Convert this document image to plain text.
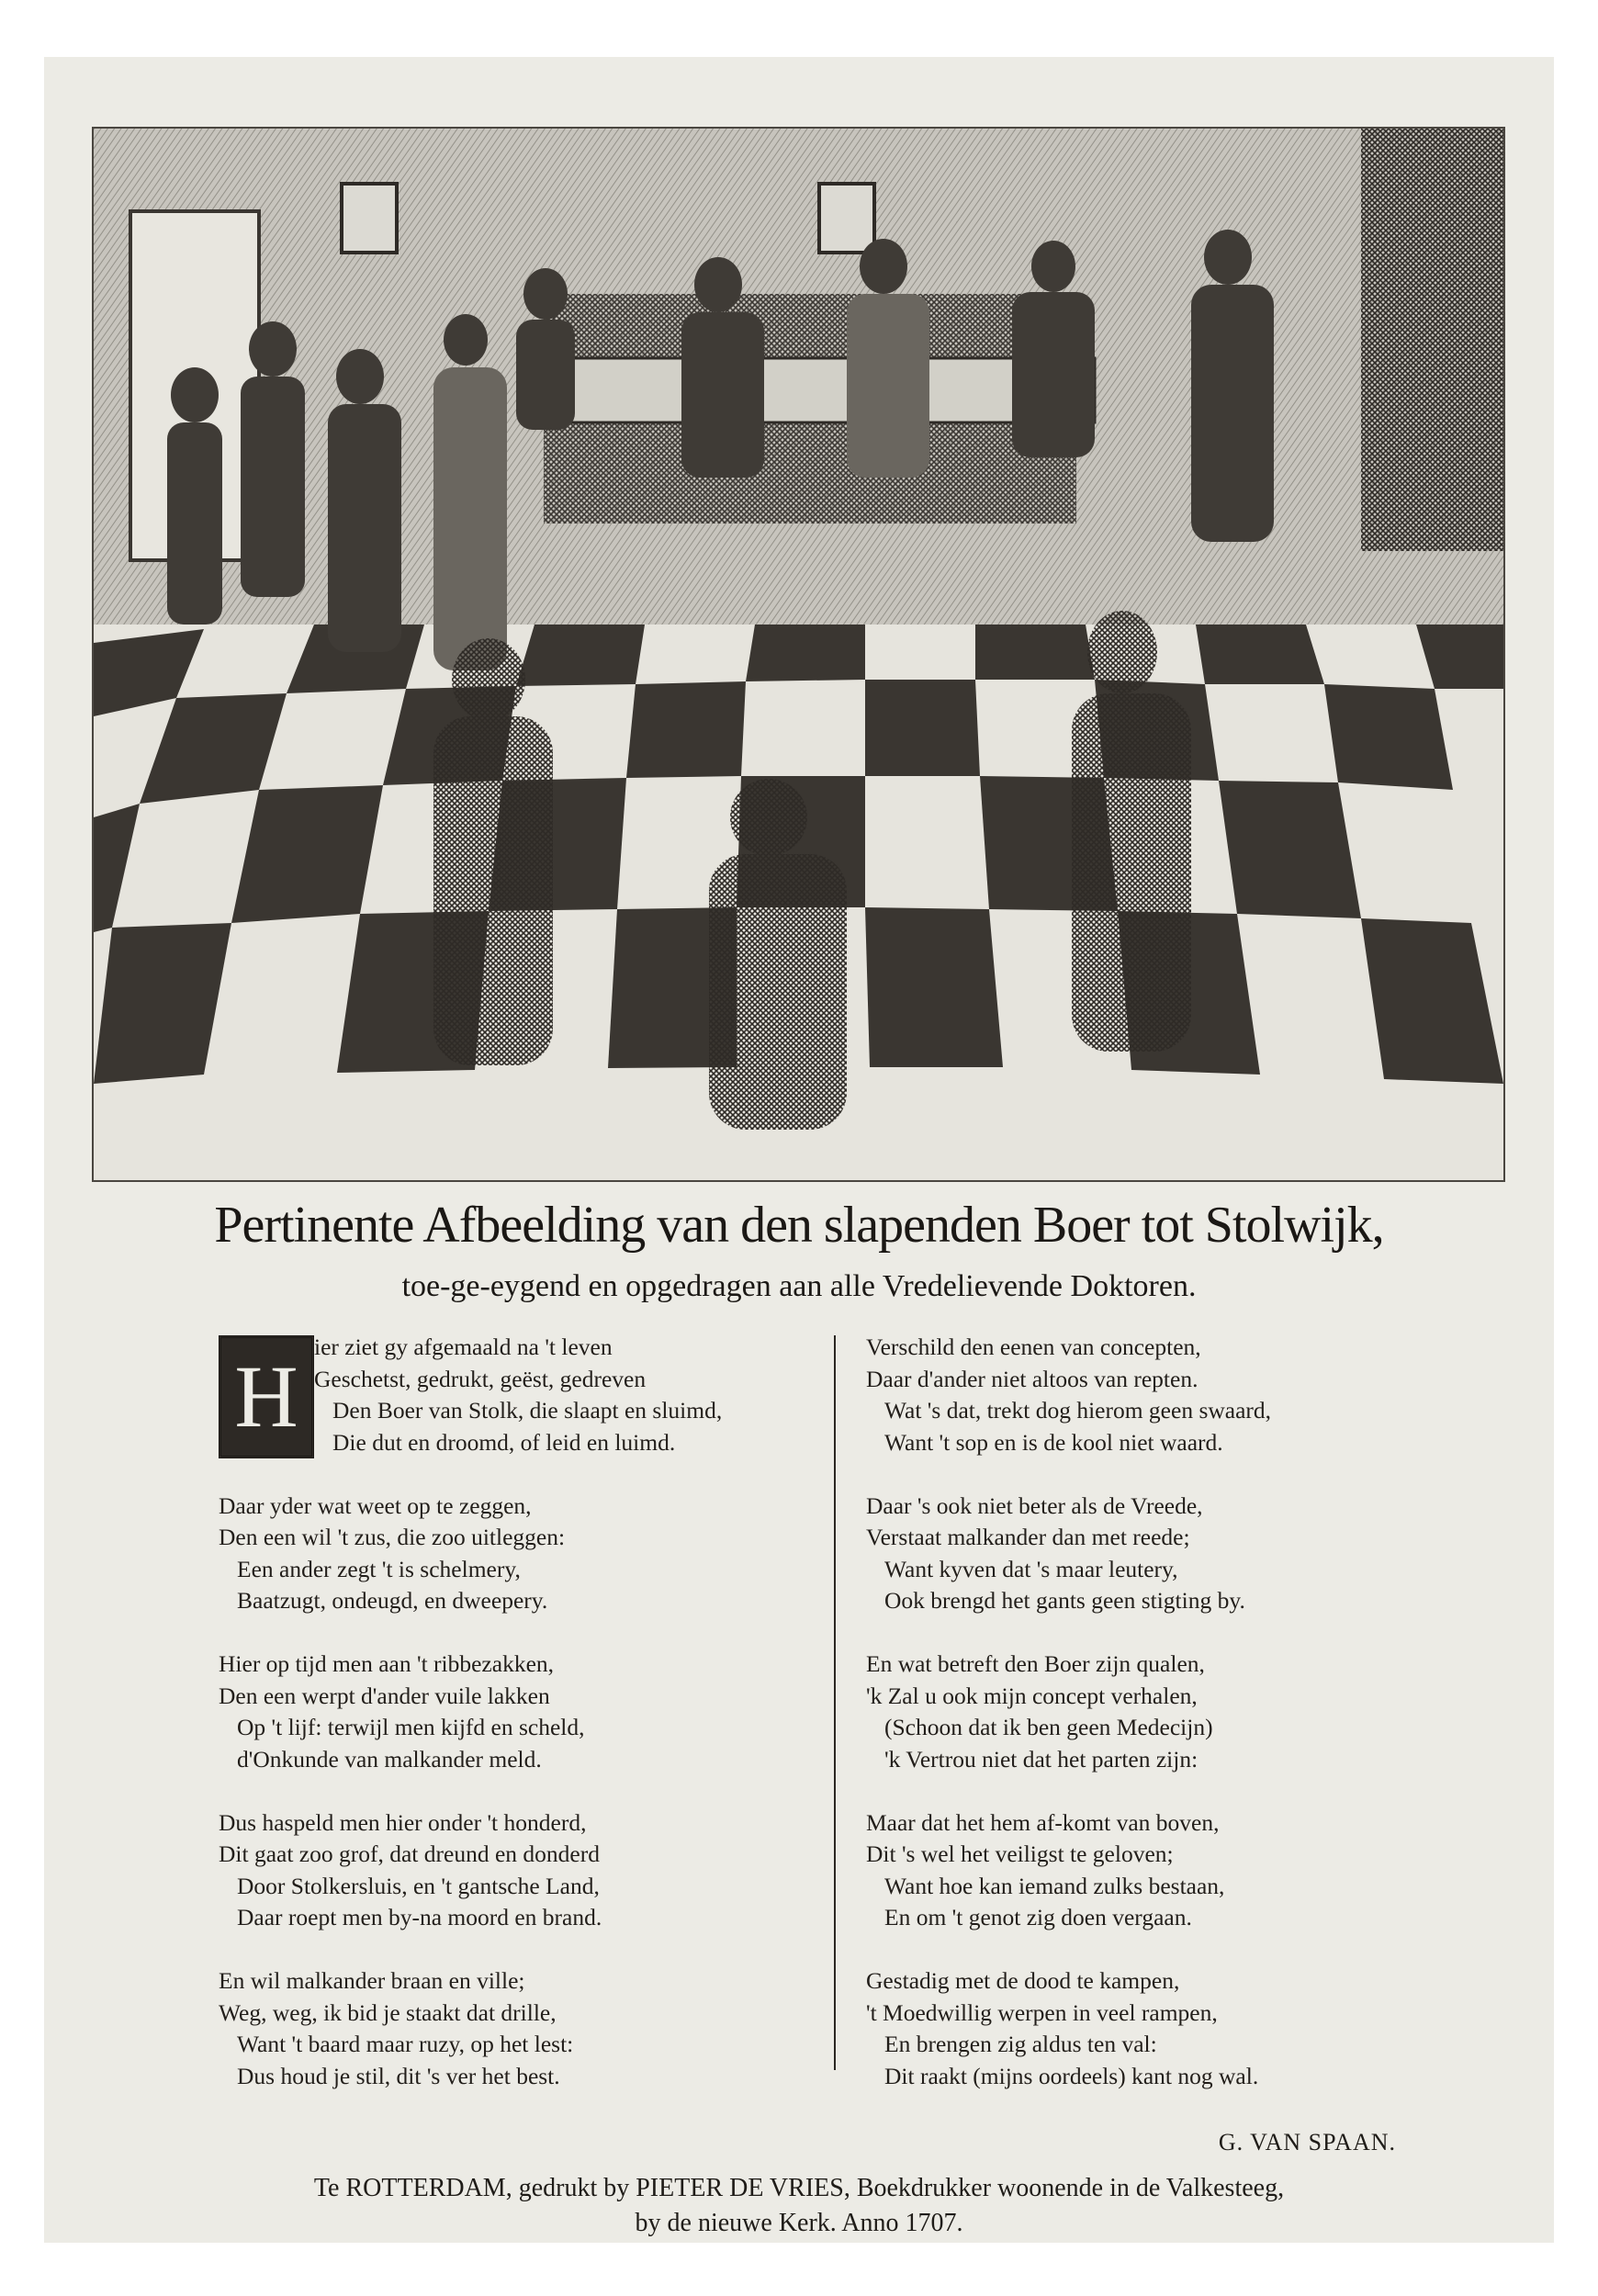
Pertinente Afbeelding van den slapenden Boer tot Stolwijk,
toe-ge-eygend en opgedragen aan alle Vredelievende Doktoren.
H
ier ziet gy afgemaald na 't leven
Geschetst, gedrukt, geëst, gedreven
Den Boer van Stolk, die slaapt en sluimd,
Die dut en droomd, of leid en luimd.
Daar yder wat weet op te zeggen,
Den een wil 't zus, die zoo uitleggen:
Een ander zegt 't is schelmery,
Baatzugt, ondeugd, en dweepery.
Hier op tijd men aan 't ribbezakken,
Den een werpt d'ander vuile lakken
Op 't lijf: terwijl men kijfd en scheld,
d'Onkunde van malkander meld.
Dus haspeld men hier onder 't honderd,
Dit gaat zoo grof, dat dreund en donderd
Door Stolkersluis, en 't gantsche Land,
Daar roept men by-na moord en brand.
En wil malkander braan en ville;
Weg, weg, ik bid je staakt dat drille,
Want 't baard maar ruzy, op het lest:
Dus houd je stil, dit 's ver het best.
Verschild den eenen van concepten,
Daar d'ander niet altoos van repten.
Wat 's dat, trekt dog hierom geen swaard,
Want 't sop en is de kool niet waard.
Daar 's ook niet beter als de Vreede,
Verstaat malkander dan met reede;
Want kyven dat 's maar leutery,
Ook brengd het gants geen stigting by.
En wat betreft den Boer zijn qualen,
'k Zal u ook mijn concept verhalen,
(Schoon dat ik ben geen Medecijn)
'k Vertrou niet dat het parten zijn:
Maar dat het hem af-komt van boven,
Dit 's wel het veiligst te geloven;
Want hoe kan iemand zulks bestaan,
En om 't genot zig doen vergaan.
Gestadig met de dood te kampen,
't Moedwillig werpen in veel rampen,
En brengen zig aldus ten val:
Dit raakt (mijns oordeels) kant nog wal.
G. VAN SPAAN.
Te ROTTERDAM, gedrukt by PIETER DE VRIES, Boekdrukker woonende in de Valkesteeg,
by de nieuwe Kerk. Anno 1707.
